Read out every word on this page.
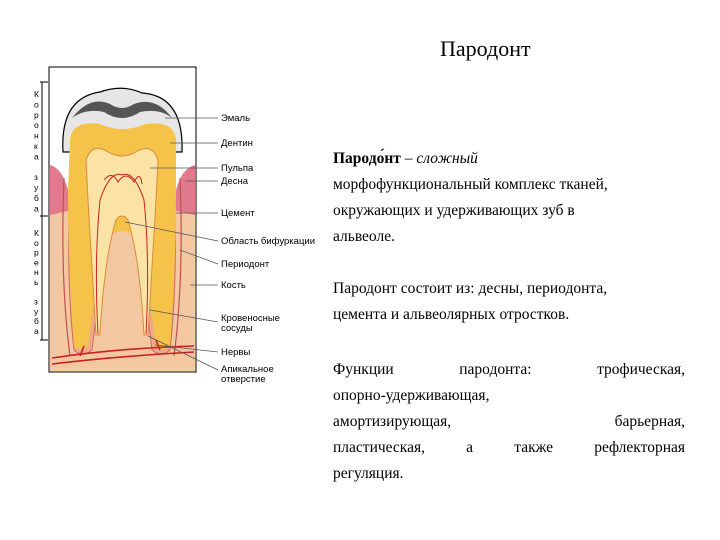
Пародонт
К
о
р
о
н
к
а
з
у
б
а
К
о
р
е
н
ь
з
у
б
а
Эмаль
Дентин
Пульпа
Десна
Цемент
Область бифуркации
Периодонт
Кость
Кровеносные
сосуды
Нервы
Апикальное
отверстие
Пародо́нт – сложный
морфофункциональный комплекс тканей,
окружающих и удерживающих зуб в
альвеоле.
Пародонт состоит из: десны, периодонта,
цемента и альвеолярных отростков.
Функции пародонта: трофическая,
опорно-удерживающая,
амортизирующая, барьерная,
пластическая, а также рефлекторная
регуляция.
